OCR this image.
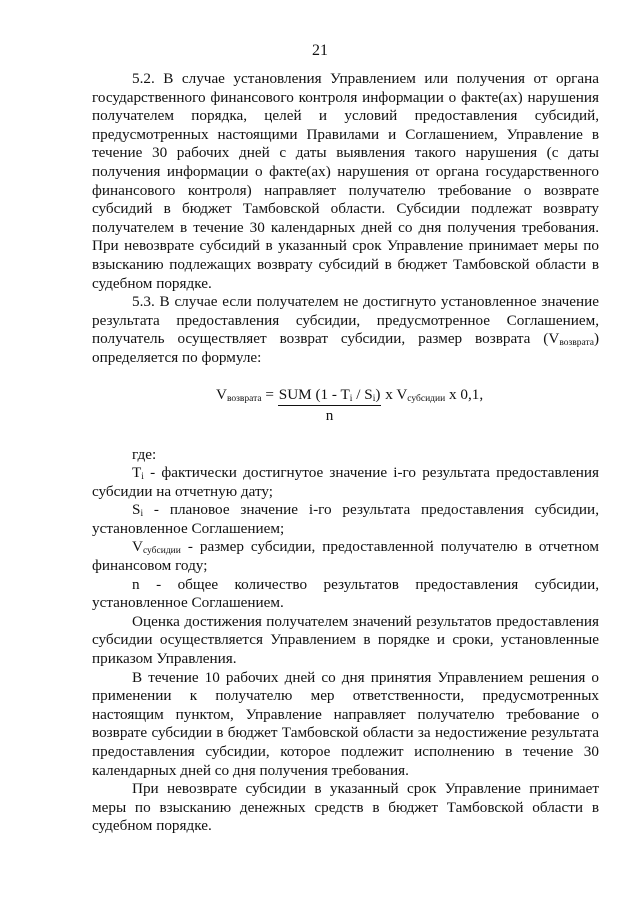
21

5.2. В случае установления Управлением или получения от органа государственного финансового контроля информации о факте(ах) нарушения получателем порядка, целей и условий предоставления субсидий, предусмотренных настоящими Правилами и Соглашением, Управление в течение 30 рабочих дней с даты выявления такого нарушения (с даты получения информации о факте(ах) нарушения от органа государственного финансового контроля) направляет получателю требование о возврате субсидий в бюджет Тамбовской области. Субсидии подлежат возврату получателем в течение 30 календарных дней со дня получения требования. При невозврате субсидий в указанный срок Управление принимает меры по взысканию подлежащих возврату субсидий в бюджет Тамбовской области в судебном порядке.

5.3. В случае если получателем не достигнуто установленное значение результата предоставления субсидии, предусмотренное Соглашением, получатель осуществляет возврат субсидии, размер возврата $(V_{возврата})$ определяется по формуле:

$V_{возврата} = \frac{SUM (1 - T_i / S_i)}{n}$ x $V_{субсидии}$ x 0,1,

где:

$T_i$ - фактически достигнутое значение i-го результата предоставления субсидии на отчетную дату;

$S_i$ - плановое значение i-го результата предоставления субсидии, установленное Соглашением;

$V_{субсидии}$ - размер субсидии, предоставленной получателю в отчетном финансовом году;

n - общее количество результатов предоставления субсидии, установленное Соглашением.

Оценка достижения получателем значений результатов предоставления субсидии осуществляется Управлением в порядке и сроки, установленные приказом Управления.

В течение 10 рабочих дней со дня принятия Управлением решения о применении к получателю мер ответственности, предусмотренных настоящим пунктом, Управление направляет получателю требование о возврате субсидии в бюджет Тамбовской области за недостижение результата предоставления субсидии, которое подлежит исполнению в течение 30 календарных дней со дня получения требования.

При невозврате субсидии в указанный срок Управление принимает меры по взысканию денежных средств в бюджет Тамбовской области в судебном порядке.
